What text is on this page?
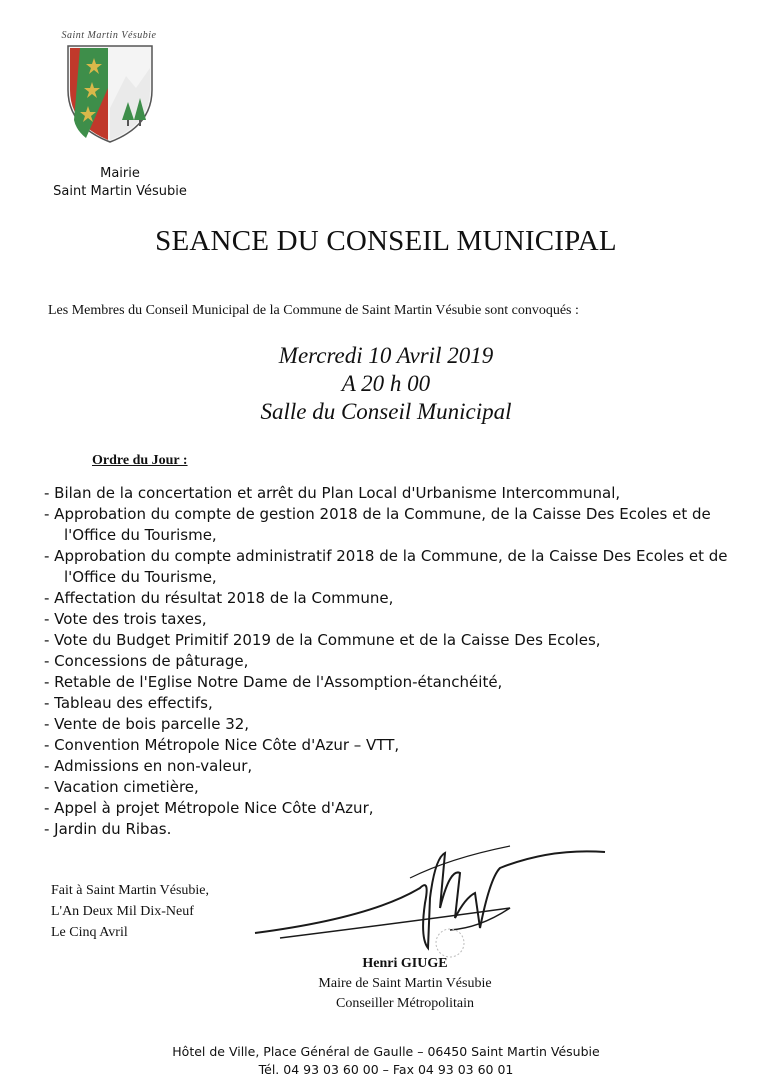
Saint Martin Vésubie
Mairie
Saint Martin Vésubie
SEANCE DU CONSEIL MUNICIPAL
Les Membres du Conseil Municipal de la Commune de Saint Martin Vésubie sont convoqués :
Mercredi 10 Avril 2019
A 20 h 00
Salle du Conseil Municipal
Ordre du Jour :
- Bilan de la concertation et arrêt du Plan Local d'Urbanisme Intercommunal,
- Approbation du compte de gestion 2018 de la Commune, de la Caisse Des Ecoles et de l'Office du Tourisme,
- Approbation du compte administratif 2018 de la Commune, de la Caisse Des Ecoles et de l'Office du Tourisme,
- Affectation du résultat 2018 de la Commune,
- Vote des trois taxes,
- Vote du Budget Primitif 2019 de la Commune et de la Caisse Des Ecoles,
- Concessions de pâturage,
- Retable de l'Eglise Notre Dame de l'Assomption-étanchéité,
- Tableau des effectifs,
- Vente de bois parcelle 32,
- Convention Métropole Nice Côte d'Azur – VTT,
- Admissions en non-valeur,
- Vacation cimetière,
- Appel à projet Métropole Nice Côte d'Azur,
- Jardin du Ribas.
Fait à Saint Martin Vésubie,
L'An Deux Mil Dix-Neuf
Le Cinq Avril
Henri GIUGE
Maire de Saint Martin Vésubie
Conseiller Métropolitain
Hôtel de Ville, Place Général de Gaulle – 06450 Saint Martin Vésubie
Tél. 04 93 03 60 00 – Fax 04 93 03 60 01
